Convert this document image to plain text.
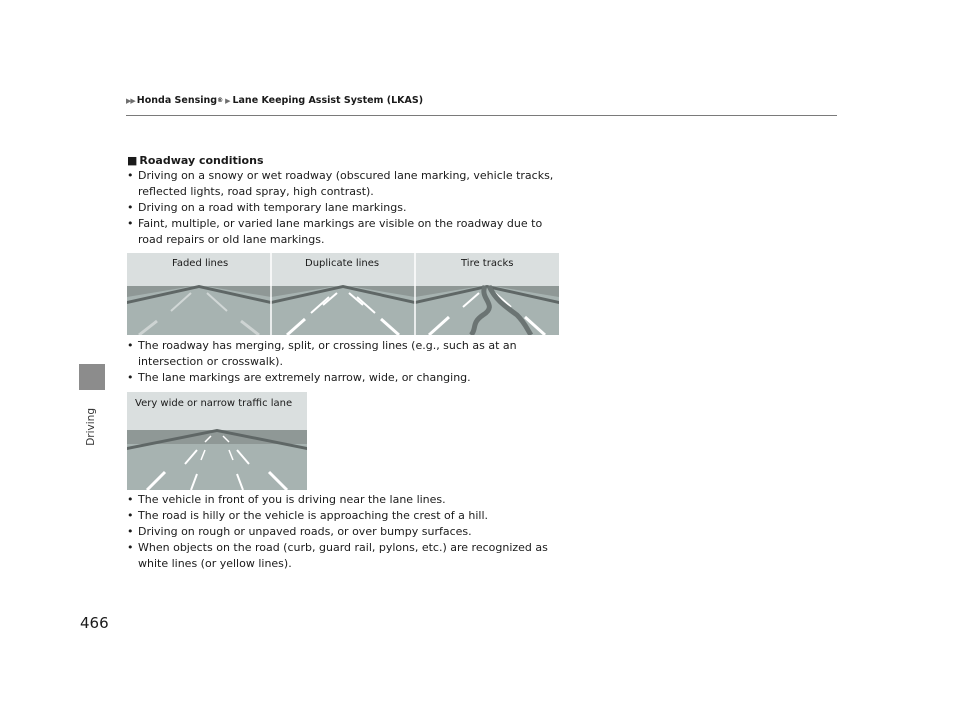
▶▶ Honda Sensing ® ▶ Lane Keeping Assist System (LKAS)
Driving
466
■ Roadway conditions
• Driving on a snowy or wet roadway (obscured lane marking, vehicle tracks, reflected lights, road spray, high contrast).
• Driving on a road with temporary lane markings.
• Faint, multiple, or varied lane markings are visible on the roadway due to road repairs or old lane markings.
Faded lines	Duplicate lines	Tire tracks
• The roadway has merging, split, or crossing lines (e.g., such as at an intersection or crosswalk).
• The lane markings are extremely narrow, wide, or changing.
Very wide or narrow traffic lane
• The vehicle in front of you is driving near the lane lines.
• The road is hilly or the vehicle is approaching the crest of a hill.
• Driving on rough or unpaved roads, or over bumpy surfaces.
• When objects on the road (curb, guard rail, pylons, etc.) are recognized as white lines (or yellow lines).
